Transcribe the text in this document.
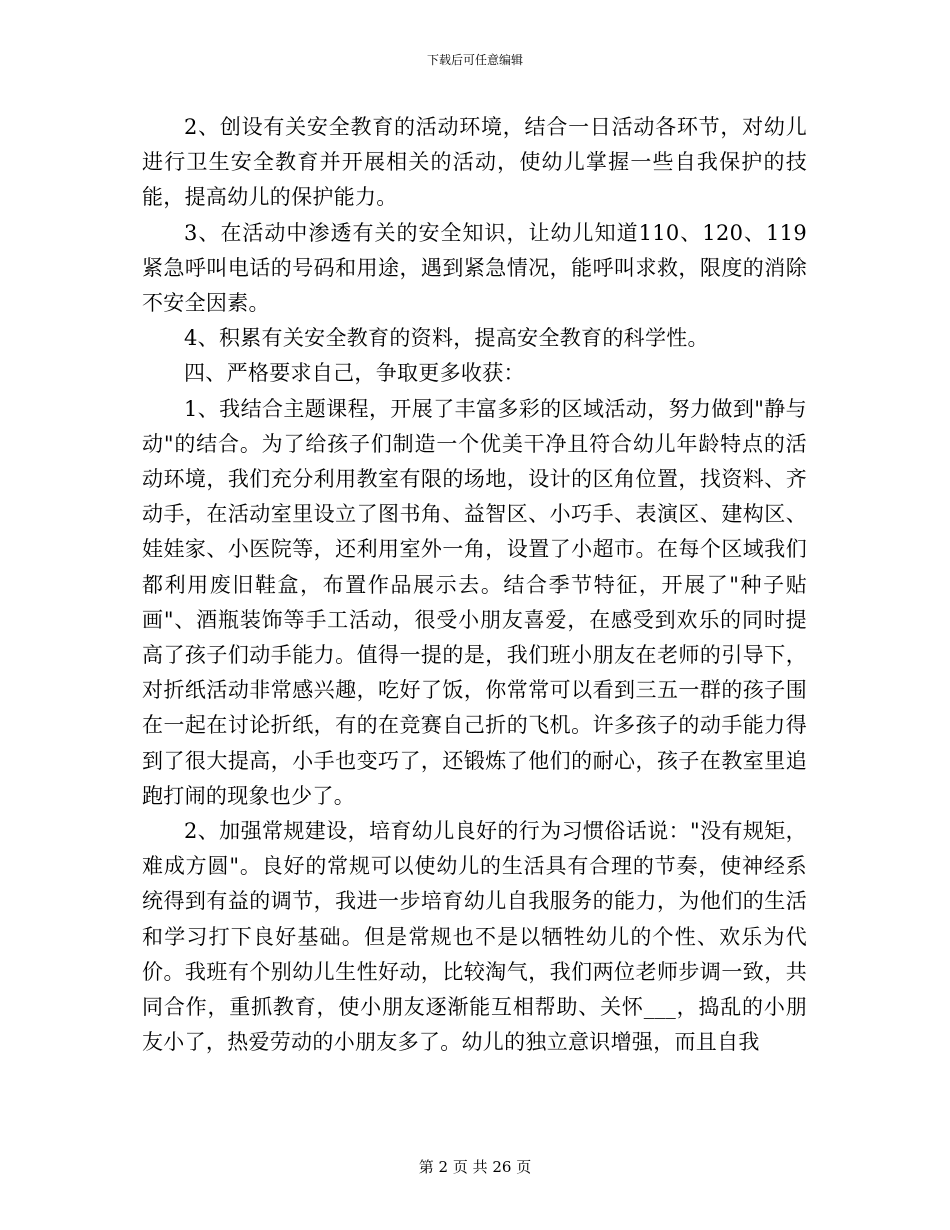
下载后可任意编辑

2、创设有关安全教育的活动环境，结合一日活动各环节，对幼儿进行卫生安全教育并开展相关的活动，使幼儿掌握一些自我保护的技能，提高幼儿的保护能力。

3、在活动中渗透有关的安全知识，让幼儿知道110、120、119紧急呼叫电话的号码和用途，遇到紧急情况，能呼叫求救，限度的消除不安全因素。

4、积累有关安全教育的资料，提高安全教育的科学性。

四、严格要求自己，争取更多收获：

1、我结合主题课程，开展了丰富多彩的区域活动，努力做到"静与动"的结合。为了给孩子们制造一个优美干净且符合幼儿年龄特点的活动环境，我们充分利用教室有限的场地，设计的区角位置，找资料、齐动手，在活动室里设立了图书角、益智区、小巧手、表演区、建构区、娃娃家、小医院等，还利用室外一角，设置了小超市。在每个区域我们都利用废旧鞋盒，布置作品展示去。结合季节特征，开展了"种子贴画"、酒瓶装饰等手工活动，很受小朋友喜爱，在感受到欢乐的同时提高了孩子们动手能力。值得一提的是，我们班小朋友在老师的引导下，对折纸活动非常感兴趣，吃好了饭，你常常可以看到三五一群的孩子围在一起在讨论折纸，有的在竞赛自己折的飞机。许多孩子的动手能力得到了很大提高，小手也变巧了，还锻炼了他们的耐心，孩子在教室里追跑打闹的现象也少了。

2、加强常规建设，培育幼儿良好的行为习惯俗话说："没有规矩，难成方圆"。良好的常规可以使幼儿的生活具有合理的节奏，使神经系统得到有益的调节，我进一步培育幼儿自我服务的能力，为他们的生活和学习打下良好基础。但是常规也不是以牺牲幼儿的个性、欢乐为代价。我班有个别幼儿生性好动，比较淘气，我们两位老师步调一致，共同合作，重抓教育，使小朋友逐渐能互相帮助、关怀___，捣乱的小朋友小了，热爱劳动的小朋友多了。幼儿的独立意识增强，而且自我

第 2 页 共 26 页
